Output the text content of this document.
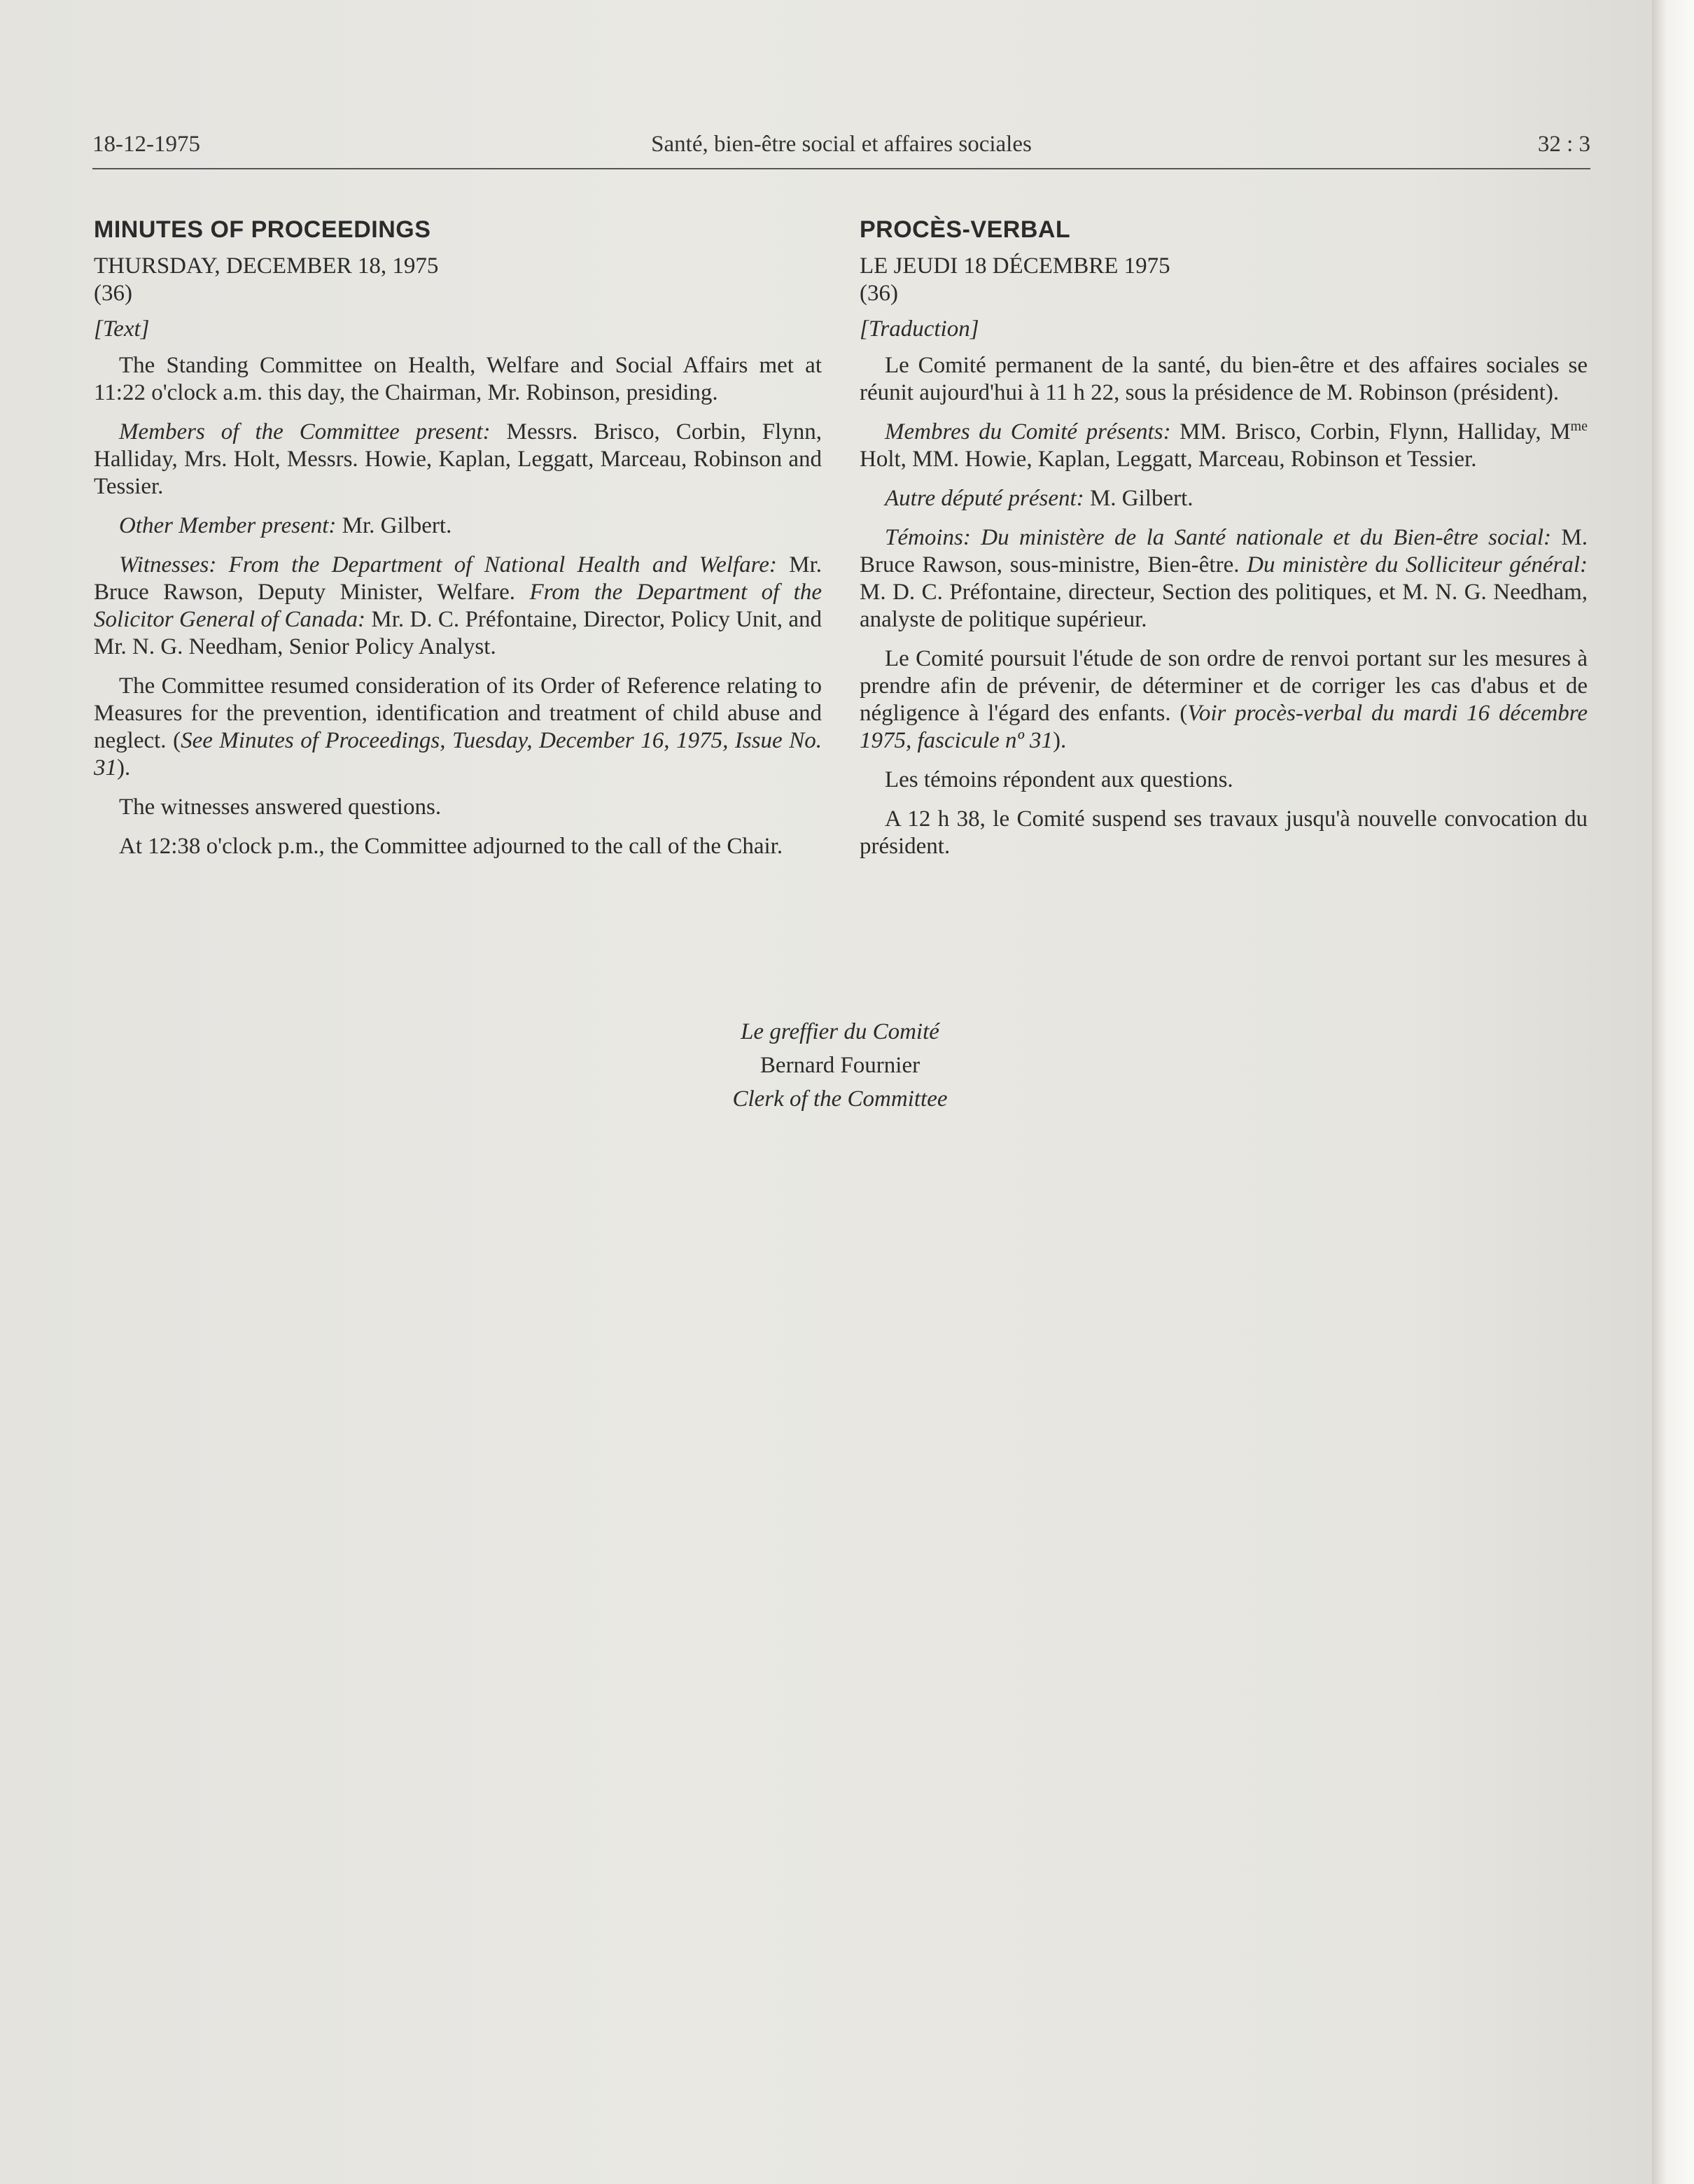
18-12-1975	Santé, bien-être social et affaires sociales	32 : 3
MINUTES OF PROCEEDINGS
THURSDAY, DECEMBER 18, 1975
(36)
[Text]

The Standing Committee on Health, Welfare and Social Affairs met at 11:22 o'clock a.m. this day, the Chairman, Mr. Robinson, presiding.

Members of the Committee present: Messrs. Brisco, Corbin, Flynn, Halliday, Mrs. Holt, Messrs. Howie, Kaplan, Leggatt, Marceau, Robinson and Tessier.

Other Member present: Mr. Gilbert.

Witnesses: From the Department of National Health and Welfare: Mr. Bruce Rawson, Deputy Minister, Welfare. From the Department of the Solicitor General of Canada: Mr. D. C. Préfontaine, Director, Policy Unit, and Mr. N. G. Needham, Senior Policy Analyst.

The Committee resumed consideration of its Order of Reference relating to Measures for the prevention, identification and treatment of child abuse and neglect. (See Minutes of Proceedings, Tuesday, December 16, 1975, Issue No. 31).

The witnesses answered questions.

At 12:38 o'clock p.m., the Committee adjourned to the call of the Chair.

PROCÈS-VERBAL
LE JEUDI 18 DÉCEMBRE 1975
(36)
[Traduction]

Le Comité permanent de la santé, du bien-être et des affaires sociales se réunit aujourd'hui à 11 h 22, sous la présidence de M. Robinson (président).

Membres du Comité présents: MM. Brisco, Corbin, Flynn, Halliday, $M^{me}$ Holt, MM. Howie, Kaplan, Leggatt, Marceau, Robinson et Tessier.

Autre député présent: M. Gilbert.

Témoins: Du ministère de la Santé nationale et du Bien-être social: M. Bruce Rawson, sous-ministre, Bien-être. Du ministère du Solliciteur général: M. D. C. Préfontaine, directeur, Section des politiques, et M. N. G. Needham, analyste de politique supérieur.

Le Comité poursuit l'étude de son ordre de renvoi portant sur les mesures à prendre afin de prévenir, de déterminer et de corriger les cas d'abus et de négligence à l'égard des enfants. (Voir procès-verbal du mardi 16 décembre 1975, fascicule nº 31).

Les témoins répondent aux questions.

A 12 h 38, le Comité suspend ses travaux jusqu'à nouvelle convocation du président.

Le greffier du Comité
Bernard Fournier
Clerk of the Committee
